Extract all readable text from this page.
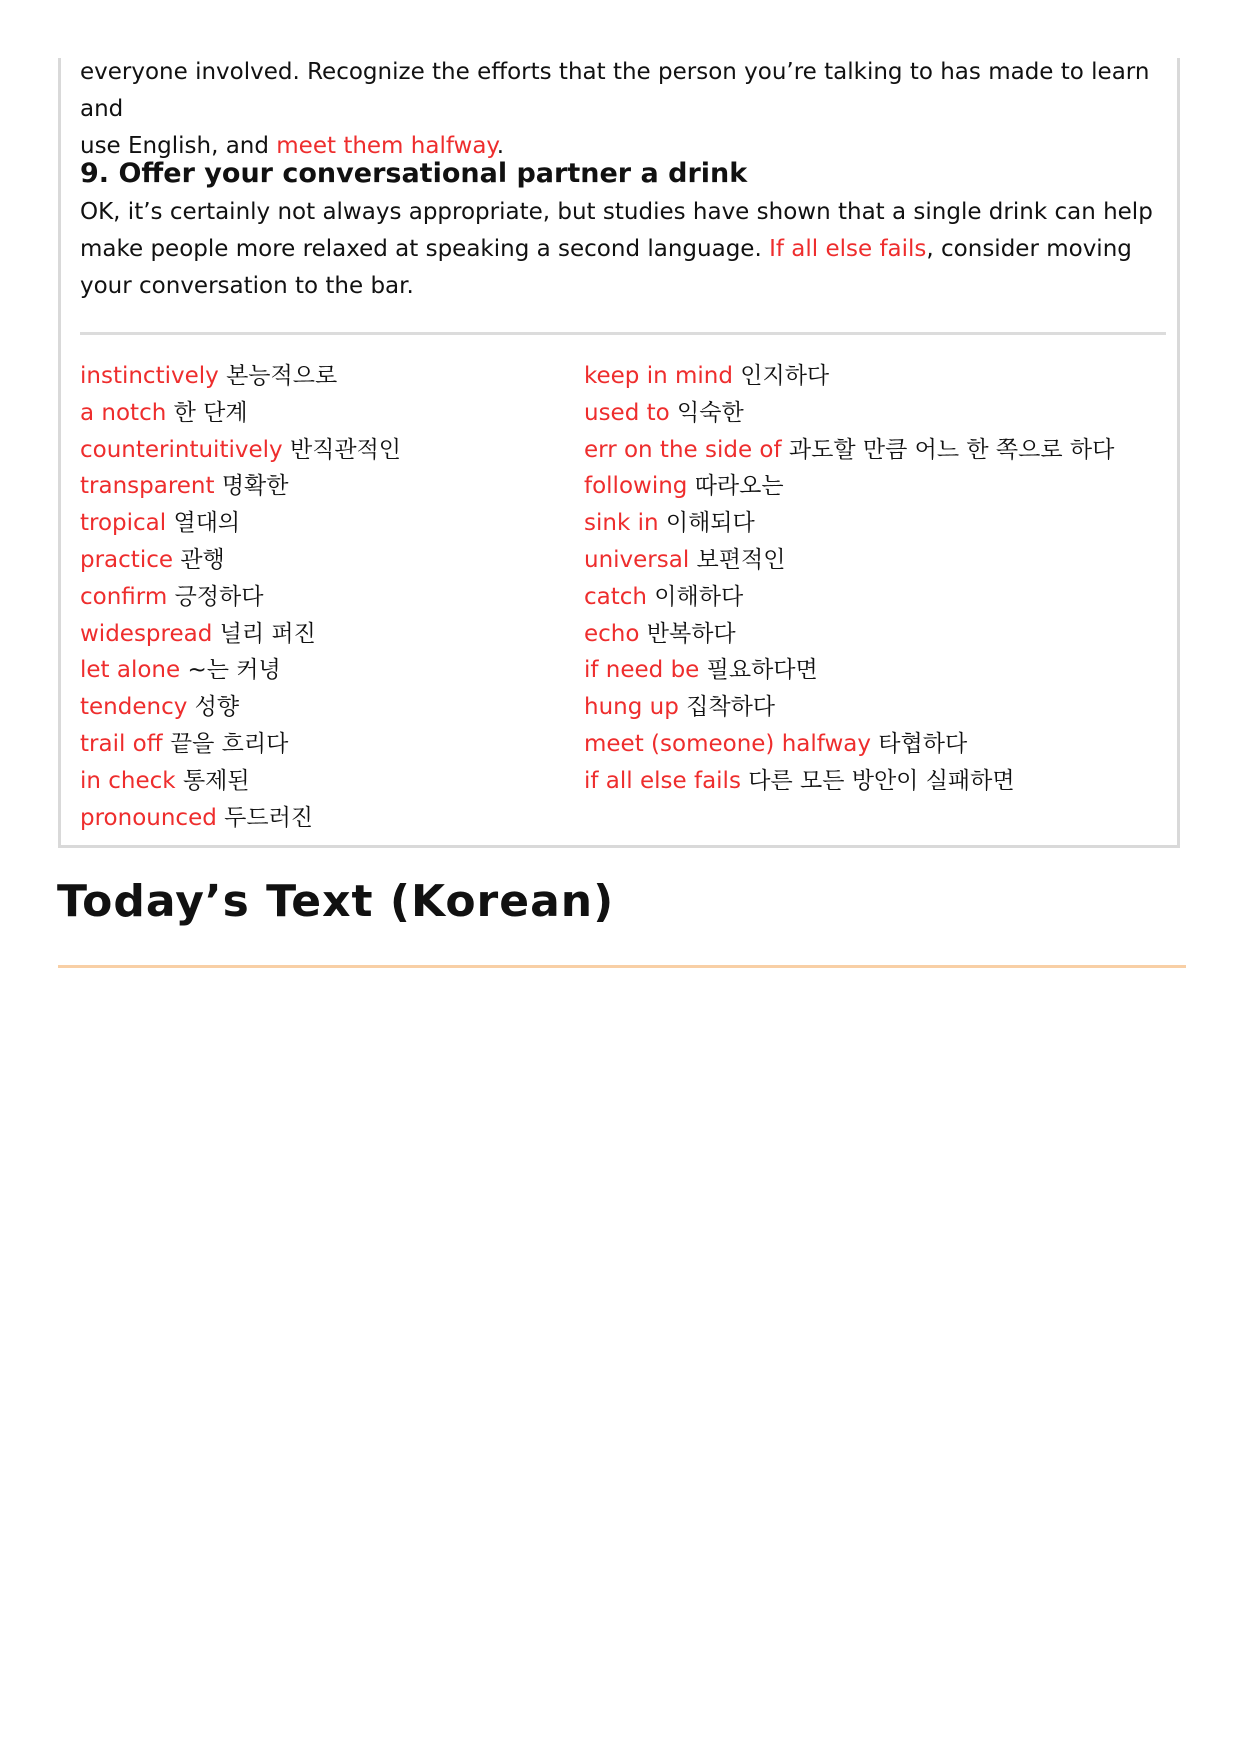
everyone involved. Recognize the efforts that the person you’re talking to has made to learn and
use English, and meet them halfway.

9. Offer your conversational partner a drink

OK, it’s certainly not always appropriate, but studies have shown that a single drink can help make people more relaxed at speaking a second language. If all else fails, consider moving your conversation to the bar.

instinctively 본능적으로
a notch 한 단계
counterintuitively 반직관적인
transparent 명확한
tropical 열대의
practice 관행
confirm 긍정하다
widespread 널리 퍼진
let alone ~는 커녕
tendency 성향
trail off 끝을 흐리다
in check 통제된
pronounced 두드러진
keep in mind 인지하다
used to 익숙한
err on the side of 과도할 만큼 어느 한 쪽으로 하다
following 따라오는
sink in 이해되다
universal 보편적인
catch 이해하다
echo 반복하다
if need be 필요하다면
hung up 집착하다
meet (someone) halfway 타협하다
if all else fails 다른 모든 방안이 실패하면
Today’s Text (Korean)
